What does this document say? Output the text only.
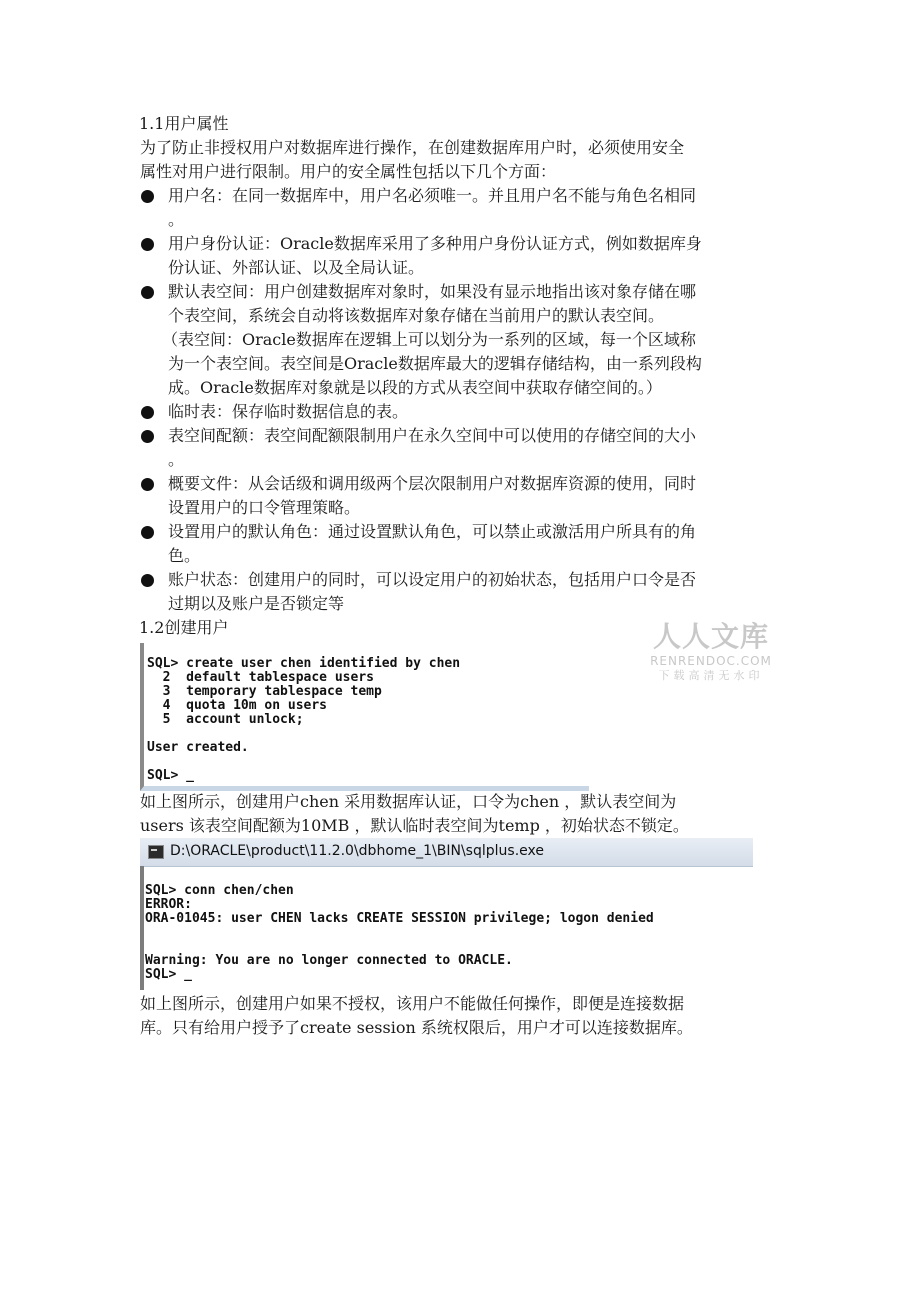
1.1用户属性
为了防止非授权用户对数据库进行操作，在创建数据库用户时，必须使用安全
属性对用户进行限制。用户的安全属性包括以下几个方面：
用户名：在同一数据库中，用户名必须唯一。并且用户名不能与角色名相同
。
用户身份认证：Oracle数据库采用了多种用户身份认证方式，例如数据库身
份认证、外部认证、以及全局认证。
默认表空间：用户创建数据库对象时，如果没有显示地指出该对象存储在哪
个表空间，系统会自动将该数据库对象存储在当前用户的默认表空间。
（表空间：Oracle数据库在逻辑上可以划分为一系列的区域，每一个区域称
为一个表空间。表空间是Oracle数据库最大的逻辑存储结构，由一系列段构
成。Oracle数据库对象就是以段的方式从表空间中获取存储空间的。）
临时表：保存临时数据信息的表。
表空间配额：表空间配额限制用户在永久空间中可以使用的存储空间的大小
。
概要文件：从会话级和调用级两个层次限制用户对数据库资源的使用，同时
设置用户的口令管理策略。
设置用户的默认角色：通过设置默认角色，可以禁止或激活用户所具有的角
色。
账户状态：创建用户的同时，可以设定用户的初始状态，包括用户口令是否
过期以及账户是否锁定等
1.2创建用户	人人文库
RENRENDOC.COM
下载高清无水印
SQL> create user chen identified by chen
2  default tablespace users
3  temporary tablespace temp
4  quota 10m on users
5  account unlock;
User created.
SQL> _
如上图所示，创建用户chen 采用数据库认证，口令为chen ，默认表空间为
users 该表空间配额为10MB ，默认临时表空间为temp ，初始状态不锁定。
D:\ORACLE\product\11.2.0\dbhome_1\BIN\sqlplus.exe
SQL> conn chen/chen
ERROR:
ORA-01045: user CHEN lacks CREATE SESSION privilege; logon denied
Warning: You are no longer connected to ORACLE.
SQL> _
如上图所示，创建用户如果不授权，该用户不能做任何操作，即便是连接数据
库。只有给用户授予了create session 系统权限后，用户才可以连接数据库。
